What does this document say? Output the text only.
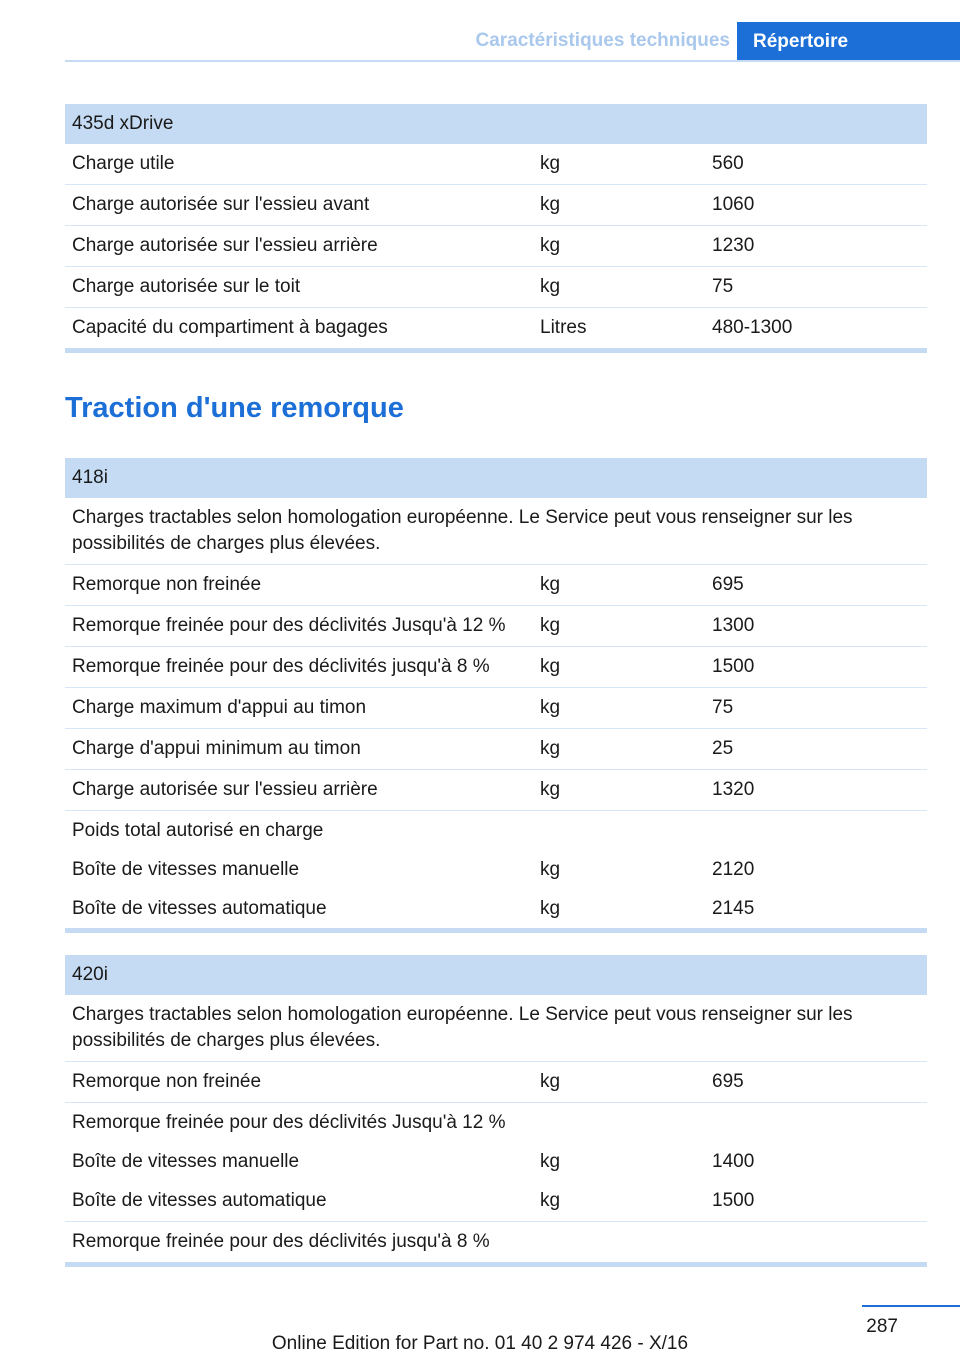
Caractéristiques techniques	Répertoire
435d xDrive
Charge utile	kg	560
Charge autorisée sur l'essieu avant	kg	1060
Charge autorisée sur l'essieu arrière	kg	1230
Charge autorisée sur le toit	kg	75
Capacité du compartiment à bagages	Litres	480-1300
Traction d'une remorque
418i
Charges tractables selon homologation européenne. Le Service peut vous renseigner sur les possibilités de charges plus élevées.
Remorque non freinée	kg	695
Remorque freinée pour des déclivités Jusqu'à 12 %	kg	1300
Remorque freinée pour des déclivités jusqu'à 8 %	kg	1500
Charge maximum d'appui au timon	kg	75
Charge d'appui minimum au timon	kg	25
Charge autorisée sur l'essieu arrière	kg	1320
Poids total autorisé en charge
Boîte de vitesses manuelle	kg	2120
Boîte de vitesses automatique	kg	2145
420i
Charges tractables selon homologation européenne. Le Service peut vous renseigner sur les possibilités de charges plus élevées.
Remorque non freinée	kg	695
Remorque freinée pour des déclivités Jusqu'à 12 %
Boîte de vitesses manuelle	kg	1400
Boîte de vitesses automatique	kg	1500
Remorque freinée pour des déclivités jusqu'à 8 %
287
Online Edition for Part no. 01 40 2 974 426 - X/16
